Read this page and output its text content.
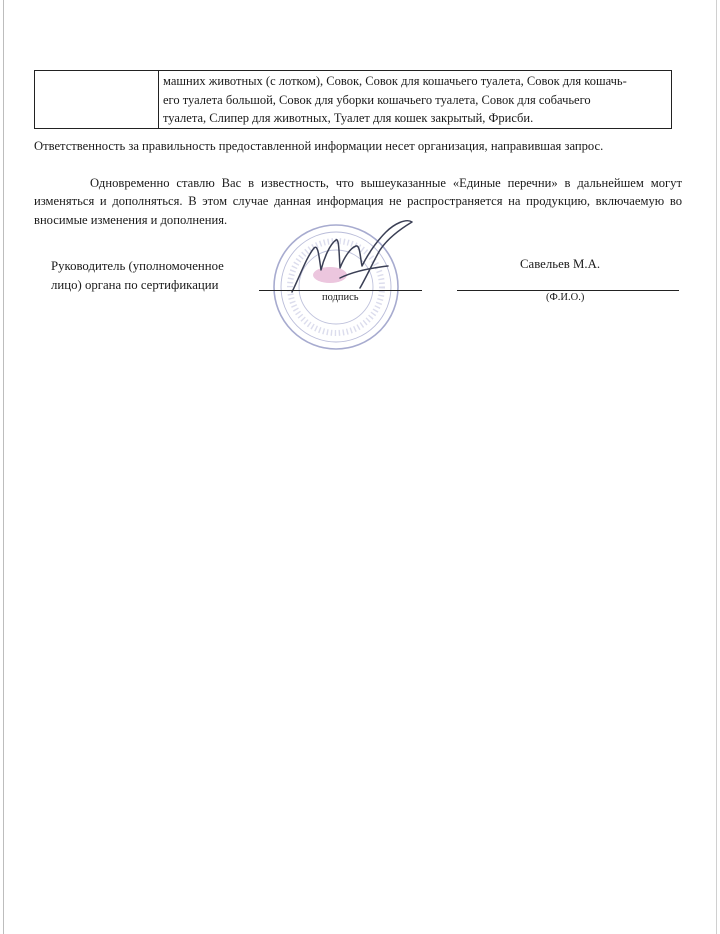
машних животных (с лотком), Совок, Совок для кошачьего туалета, Совок для кошачь-
его туалета большой, Совок для уборки кошачьего туалета, Совок для собачьего
туалета, Слипер для животных, Туалет для кошек закрытый, Фрисби.
Ответственность за правильность предоставленной информации несет организация, направившая запрос.
Одновременно ставлю Вас в известность, что вышеуказанные «Единые перечни» в дальнейшем могут изменяться и дополняться. В этом случае данная информация не распространяется на продукцию, включаемую во вносимые изменения и дополнения.
Руководитель (уполномоченное
лицо) органа по сертификации
подпись
Савельев М.А.
(Ф.И.О.)
